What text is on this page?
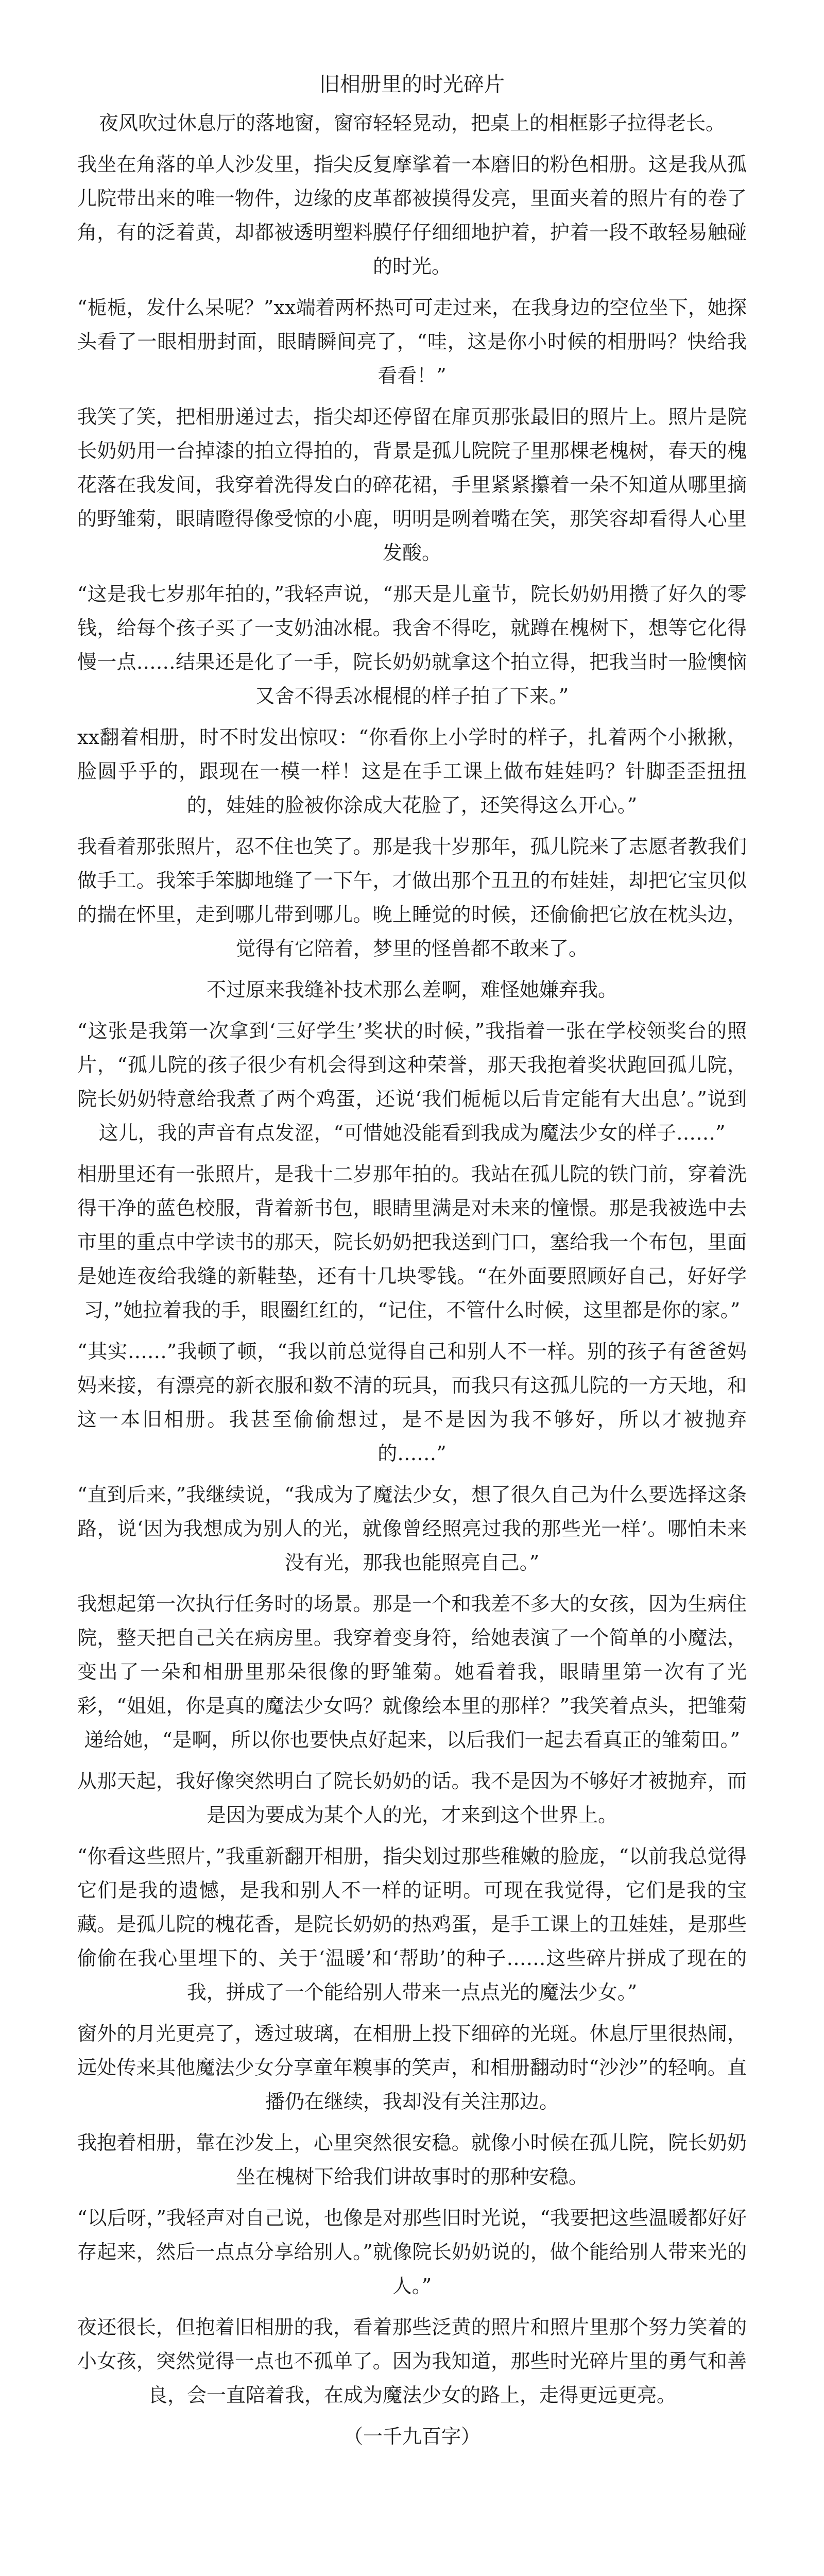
旧相册里的时光碎片

夜风吹过休息厅的落地窗，窗帘轻轻晃动，把桌上的相框影子拉得老长。

我坐在角落的单人沙发里，指尖反复摩挲着一本磨旧的粉色相册。这是我从孤儿院带出来的唯一物件，边缘的皮革都被摸得发亮，里面夹着的照片有的卷了角，有的泛着黄，却都被透明塑料膜仔仔细细地护着，护着一段不敢轻易触碰的时光。

“栀栀，发什么呆呢？”xx端着两杯热可可走过来，在我身边的空位坐下，她探头看了一眼相册封面，眼睛瞬间亮了，“哇，这是你小时候的相册吗？快给我看看！”

我笑了笑，把相册递过去，指尖却还停留在扉页那张最旧的照片上。照片是院长奶奶用一台掉漆的拍立得拍的，背景是孤儿院院子里那棵老槐树，春天的槐花落在我发间，我穿着洗得发白的碎花裙，手里紧紧攥着一朵不知道从哪里摘的野雏菊，眼睛瞪得像受惊的小鹿，明明是咧着嘴在笑，那笑容却看得人心里发酸。

“这是我七岁那年拍的，”我轻声说，“那天是儿童节，院长奶奶用攒了好久的零钱，给每个孩子买了一支奶油冰棍。我舍不得吃，就蹲在槐树下，想等它化得慢一点……结果还是化了一手，院长奶奶就拿这个拍立得，把我当时一脸懊恼又舍不得丢冰棍棍的样子拍了下来。”

xx翻着相册，时不时发出惊叹：“你看你上小学时的样子，扎着两个小揪揪，脸圆乎乎的，跟现在一模一样！这是在手工课上做布娃娃吗？针脚歪歪扭扭的，娃娃的脸被你涂成大花脸了，还笑得这么开心。”

我看着那张照片，忍不住也笑了。那是我十岁那年，孤儿院来了志愿者教我们做手工。我笨手笨脚地缝了一下午，才做出那个丑丑的布娃娃，却把它宝贝似的揣在怀里，走到哪儿带到哪儿。晚上睡觉的时候，还偷偷把它放在枕头边，觉得有它陪着，梦里的怪兽都不敢来了。

不过原来我缝补技术那么差啊，难怪她嫌弃我。

“这张是我第一次拿到‘三好学生’奖状的时候，”我指着一张在学校领奖台的照片，“孤儿院的孩子很少有机会得到这种荣誉，那天我抱着奖状跑回孤儿院，院长奶奶特意给我煮了两个鸡蛋，还说‘我们栀栀以后肯定能有大出息’。”说到这儿，我的声音有点发涩，“可惜她没能看到我成为魔法少女的样子……”

相册里还有一张照片，是我十二岁那年拍的。我站在孤儿院的铁门前，穿着洗得干净的蓝色校服，背着新书包，眼睛里满是对未来的憧憬。那是我被选中去市里的重点中学读书的那天，院长奶奶把我送到门口，塞给我一个布包，里面是她连夜给我缝的新鞋垫，还有十几块零钱。“在外面要照顾好自己，好好学习，”她拉着我的手，眼圈红红的，“记住，不管什么时候，这里都是你的家。”

“其实……”我顿了顿，“我以前总觉得自己和别人不一样。别的孩子有爸爸妈妈来接，有漂亮的新衣服和数不清的玩具，而我只有这孤儿院的一方天地，和这一本旧相册。我甚至偷偷想过，是不是因为我不够好，所以才被抛弃的……”

“直到后来，”我继续说，“我成为了魔法少女，想了很久自己为什么要选择这条路，说‘因为我想成为别人的光，就像曾经照亮过我的那些光一样’。哪怕未来没有光，那我也能照亮自己。”

我想起第一次执行任务时的场景。那是一个和我差不多大的女孩，因为生病住院，整天把自己关在病房里。我穿着变身符，给她表演了一个简单的小魔法，变出了一朵和相册里那朵很像的野雏菊。她看着我，眼睛里第一次有了光彩，“姐姐，你是真的魔法少女吗？就像绘本里的那样？”我笑着点头，把雏菊递给她，“是啊，所以你也要快点好起来，以后我们一起去看真正的雏菊田。”

从那天起，我好像突然明白了院长奶奶的话。我不是因为不够好才被抛弃，而是因为要成为某个人的光，才来到这个世界上。

“你看这些照片，”我重新翻开相册，指尖划过那些稚嫩的脸庞，“以前我总觉得它们是我的遗憾，是我和别人不一样的证明。可现在我觉得，它们是我的宝藏。是孤儿院的槐花香，是院长奶奶的热鸡蛋，是手工课上的丑娃娃，是那些偷偷在我心里埋下的、关于‘温暖’和‘帮助’的种子……这些碎片拼成了现在的我，拼成了一个能给别人带来一点点光的魔法少女。”

窗外的月光更亮了，透过玻璃，在相册上投下细碎的光斑。休息厅里很热闹，远处传来其他魔法少女分享童年糗事的笑声，和相册翻动时“沙沙”的轻响。直播仍在继续，我却没有关注那边。

我抱着相册，靠在沙发上，心里突然很安稳。就像小时候在孤儿院，院长奶奶坐在槐树下给我们讲故事时的那种安稳。

“以后呀，”我轻声对自己说，也像是对那些旧时光说，“我要把这些温暖都好好存起来，然后一点点分享给别人。”就像院长奶奶说的，做个能给别人带来光的人。”

夜还很长，但抱着旧相册的我，看着那些泛黄的照片和照片里那个努力笑着的小女孩，突然觉得一点也不孤单了。因为我知道，那些时光碎片里的勇气和善良，会一直陪着我，在成为魔法少女的路上，走得更远更亮。

（一千九百字）
